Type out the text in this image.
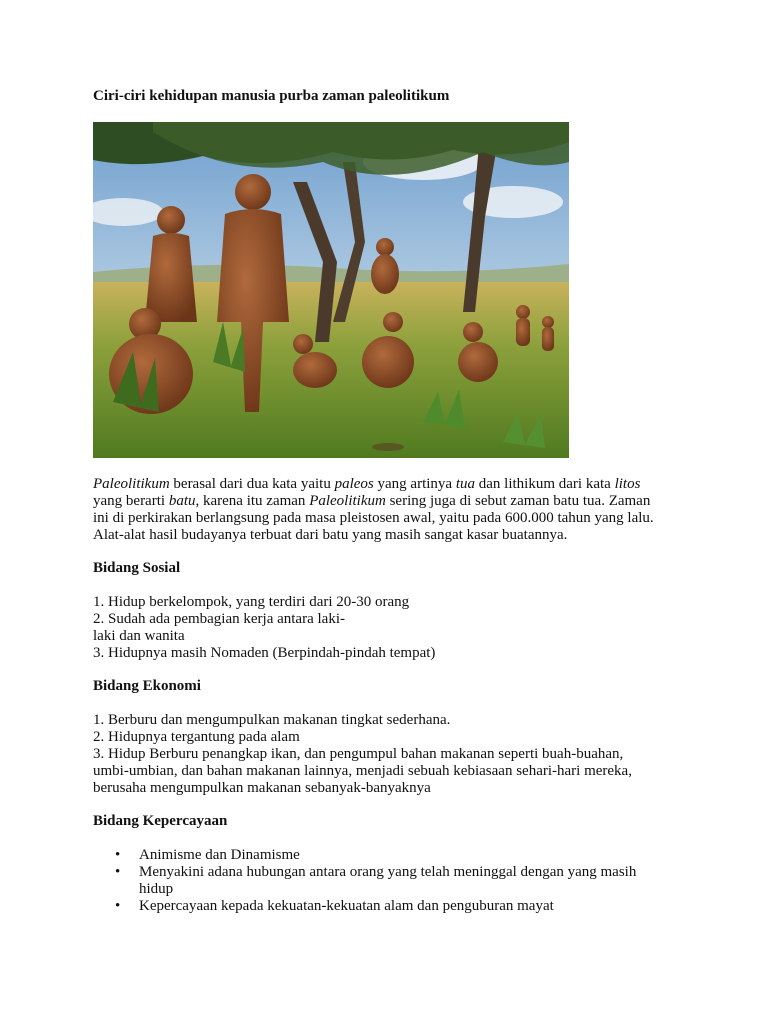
Ciri-ciri kehidupan manusia purba zaman paleolitikum

Paleolitikum berasal dari dua kata yaitu paleos yang artinya tua dan lithikum dari kata litos
yang berarti batu, karena itu zaman Paleolitikum sering juga di sebut zaman batu tua. Zaman
ini di perkirakan berlangsung pada masa pleistosen awal, yaitu pada 600.000 tahun yang lalu.
Alat-alat hasil budayanya terbuat dari batu yang masih sangat kasar buatannya.

Bidang Sosial

1. Hidup berkelompok, yang terdiri dari 20-30 orang
2. Sudah ada pembagian kerja antara laki-
laki dan wanita
3. Hidupnya masih Nomaden (Berpindah-pindah tempat)

Bidang Ekonomi

1. Berburu dan mengumpulkan makanan tingkat sederhana.
2. Hidupnya tergantung pada alam
3. Hidup Berburu penangkap ikan, dan pengumpul bahan makanan seperti buah-buahan,
umbi-umbian, dan bahan makanan lainnya, menjadi sebuah kebiasaan sehari-hari mereka,
berusaha mengumpulkan makanan sebanyak-banyaknya

Bidang Kepercayaan

• Animisme dan Dinamisme
• Menyakini adana hubungan antara orang yang telah meninggal dengan yang masih hidup
• Kepercayaan kepada kekuatan-kekuatan alam dan penguburan mayat
